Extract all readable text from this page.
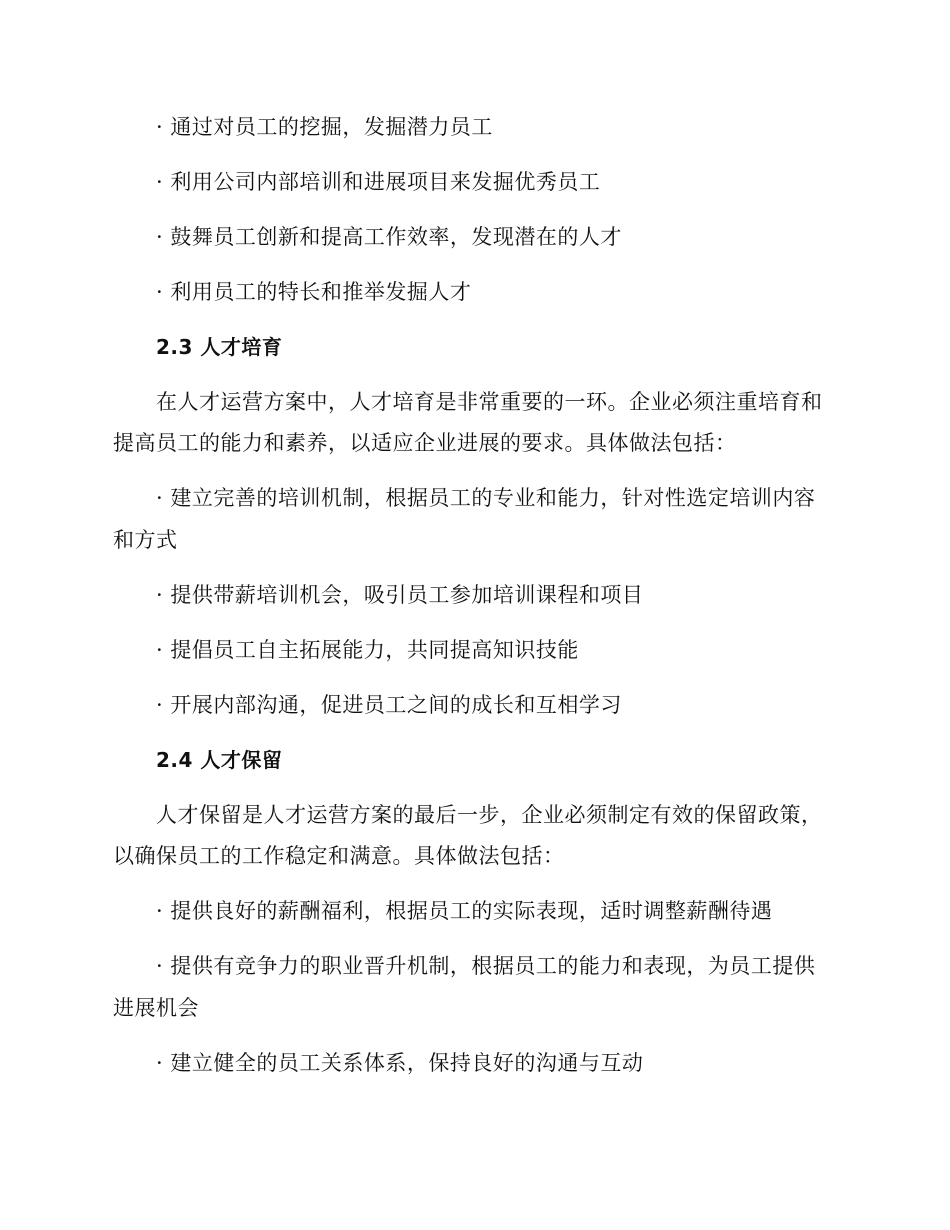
· 通过对员工的挖掘，发掘潜力员工
· 利用公司内部培训和进展项目来发掘优秀员工
· 鼓舞员工创新和提高工作效率，发现潜在的人才
· 利用员工的特长和推举发掘人才
2.3 人才培育
在人才运营方案中，人才培育是非常重要的一环。企业必须注重培育和
提高员工的能力和素养，以适应企业进展的要求。具体做法包括：
· 建立完善的培训机制，根据员工的专业和能力，针对性选定培训内容
和方式
· 提供带薪培训机会，吸引员工参加培训课程和项目
· 提倡员工自主拓展能力，共同提高知识技能
· 开展内部沟通，促进员工之间的成长和互相学习
2.4 人才保留
人才保留是人才运营方案的最后一步，企业必须制定有效的保留政策，
以确保员工的工作稳定和满意。具体做法包括：
· 提供良好的薪酬福利，根据员工的实际表现，适时调整薪酬待遇
· 提供有竞争力的职业晋升机制，根据员工的能力和表现，为员工提供
进展机会
· 建立健全的员工关系体系，保持良好的沟通与互动
